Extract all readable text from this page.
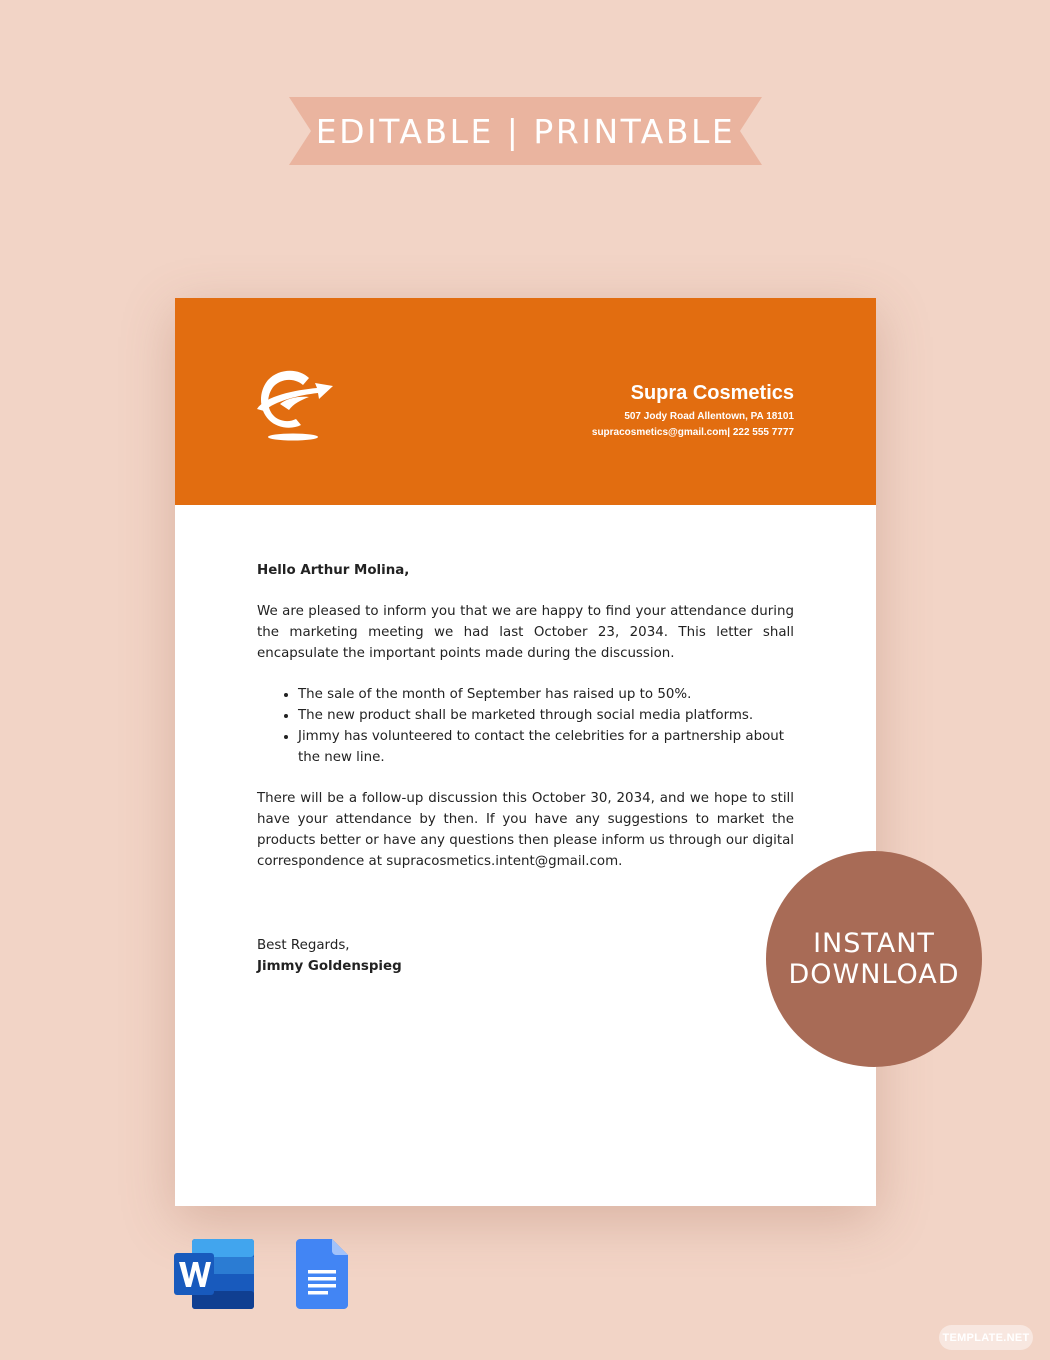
EDITABLE | PRINTABLE
Supra Cosmetics
507 Jody Road Allentown, PA 18101
supracosmetics@gmail.com| 222 555 7777

Hello Arthur Molina,

We are pleased to inform you that we are happy to find your attendance during the marketing meeting we had last October 23, 2034. This letter shall encapsulate the important points made during the discussion.

• The sale of the month of September has raised up to 50%.
• The new product shall be marketed through social media platforms.
• Jimmy has volunteered to contact the celebrities for a partnership about the new line.

There will be a follow-up discussion this October 30, 2034, and we hope to still have your attendance by then. If you have any suggestions to market the products better or have any questions then please inform us through our digital correspondence at supracosmetics.intent@gmail.com.

Best Regards,
Jimmy Goldenspieg
INSTANT
DOWNLOAD
TEMPLATE.NET
